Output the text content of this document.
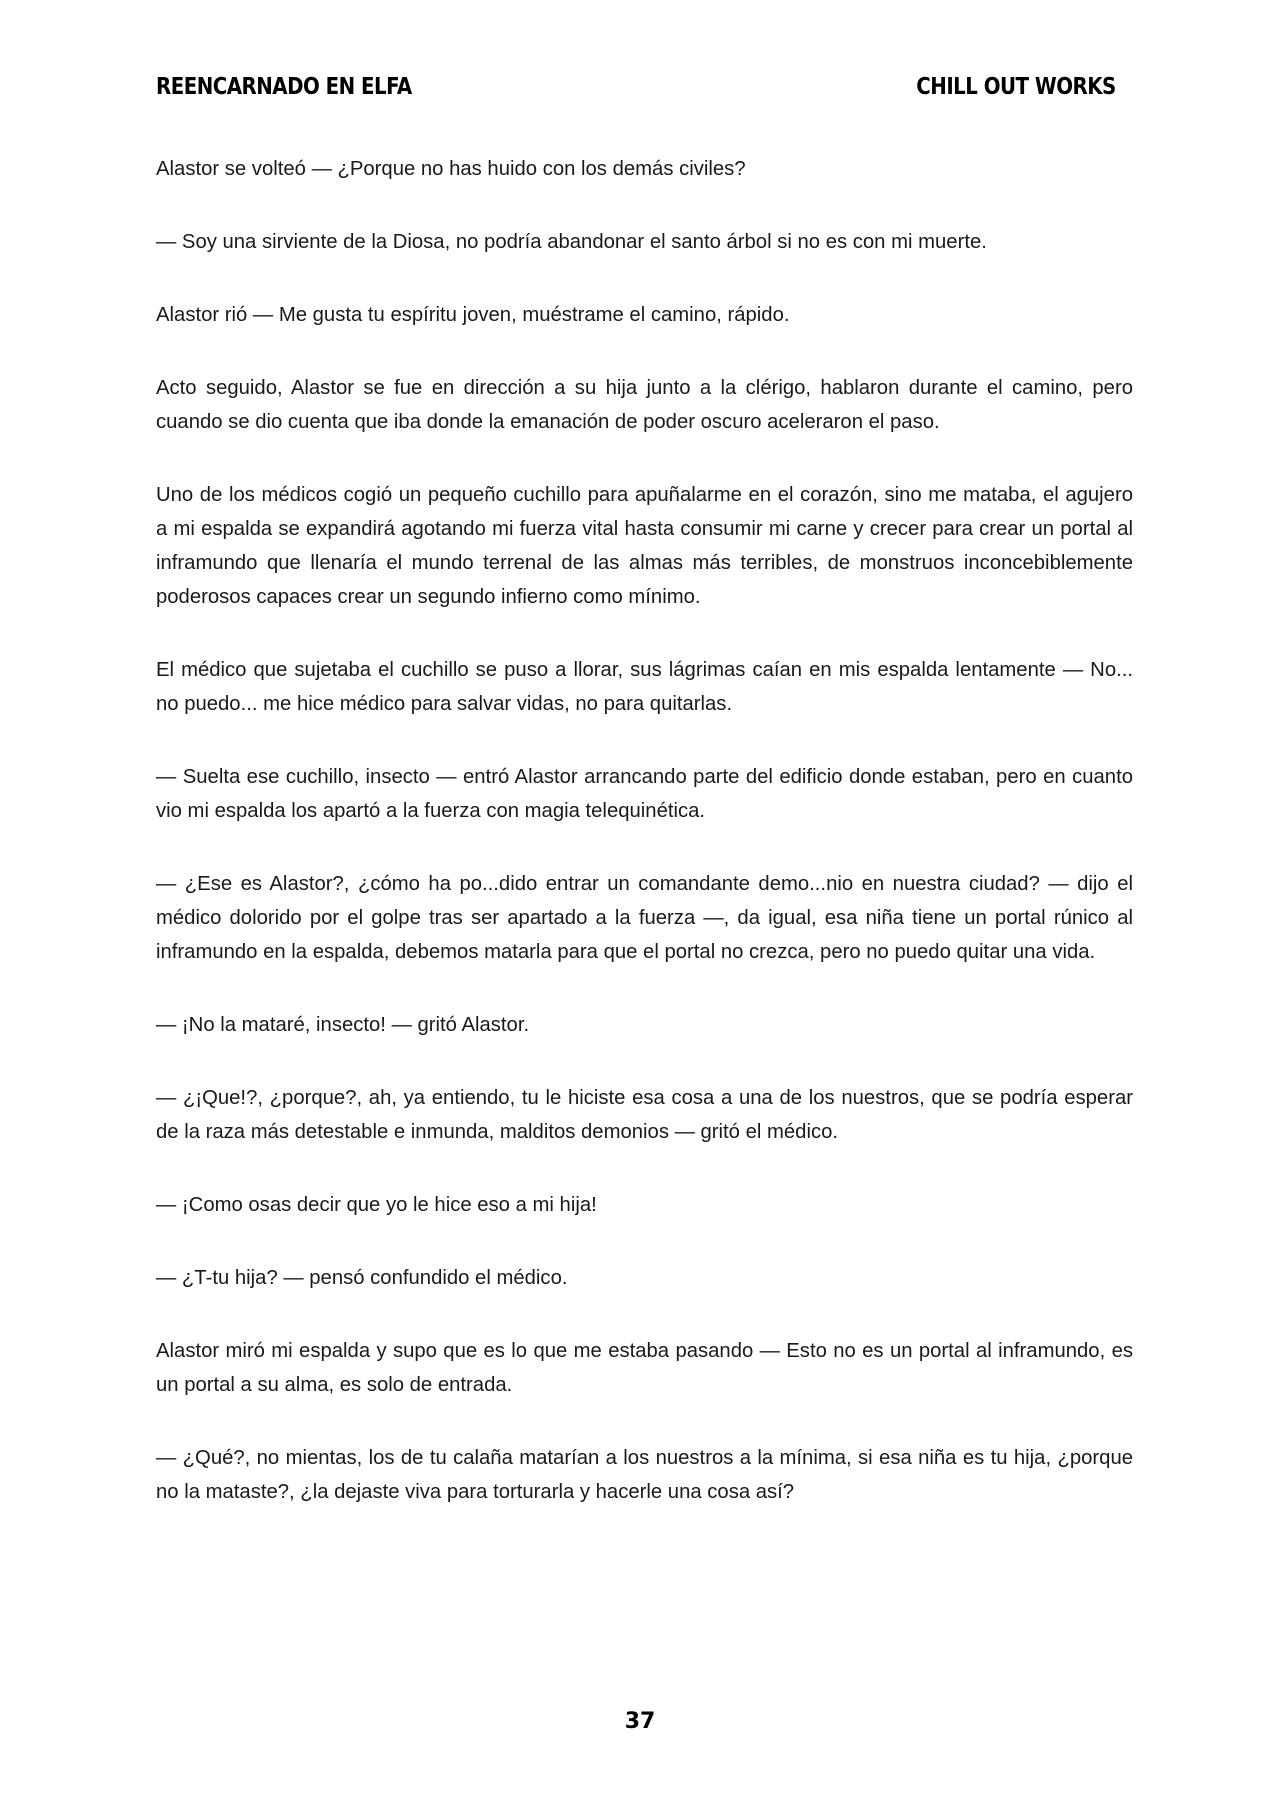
REENCARNADO EN ELFA	CHILL OUT WORKS

Alastor se volteó — ¿Porque no has huido con los demás civiles?

— Soy una sirviente de la Diosa, no podría abandonar el santo árbol si no es con mi muerte.

Alastor rió — Me gusta tu espíritu joven, muéstrame el camino, rápido.

Acto seguido, Alastor se fue en dirección a su hija junto a la clérigo, hablaron durante el camino, pero cuando se dio cuenta que iba donde la emanación de poder oscuro aceleraron el paso.

Uno de los médicos cogió un pequeño cuchillo para apuñalarme en el corazón, sino me mataba, el agujero a mi espalda se expandirá agotando mi fuerza vital hasta consumir mi carne y crecer para crear un portal al inframundo que llenaría el mundo terrenal de las almas más terribles, de monstruos inconcebiblemente poderosos capaces crear un segundo infierno como mínimo.

El médico que sujetaba el cuchillo se puso a llorar, sus lágrimas caían en mis espalda lentamente — No... no puedo... me hice médico para salvar vidas, no para quitarlas.

— Suelta ese cuchillo, insecto — entró Alastor arrancando parte del edificio donde estaban, pero en cuanto vio mi espalda los apartó a la fuerza con magia telequinética.

— ¿Ese es Alastor?, ¿cómo ha po...dido entrar un comandante demo...nio en nuestra ciudad? — dijo el médico dolorido por el golpe tras ser apartado a la fuerza —, da igual, esa niña tiene un portal rúnico al inframundo en la espalda, debemos matarla para que el portal no crezca, pero no puedo quitar una vida.

— ¡No la mataré, insecto! — gritó Alastor.

— ¿¡Que!?, ¿porque?, ah, ya entiendo, tu le hiciste esa cosa a una de los nuestros, que se podría esperar de la raza más detestable e inmunda, malditos demonios — gritó el médico.

— ¡Como osas decir que yo le hice eso a mi hija!

— ¿T-tu hija? — pensó confundido el médico.

Alastor miró mi espalda y supo que es lo que me estaba pasando — Esto no es un portal al inframundo, es un portal a su alma, es solo de entrada.

— ¿Qué?, no mientas, los de tu calaña matarían a los nuestros a la mínima, si esa niña es tu hija, ¿porque no la mataste?, ¿la dejaste viva para torturarla y hacerle una cosa así?

37
